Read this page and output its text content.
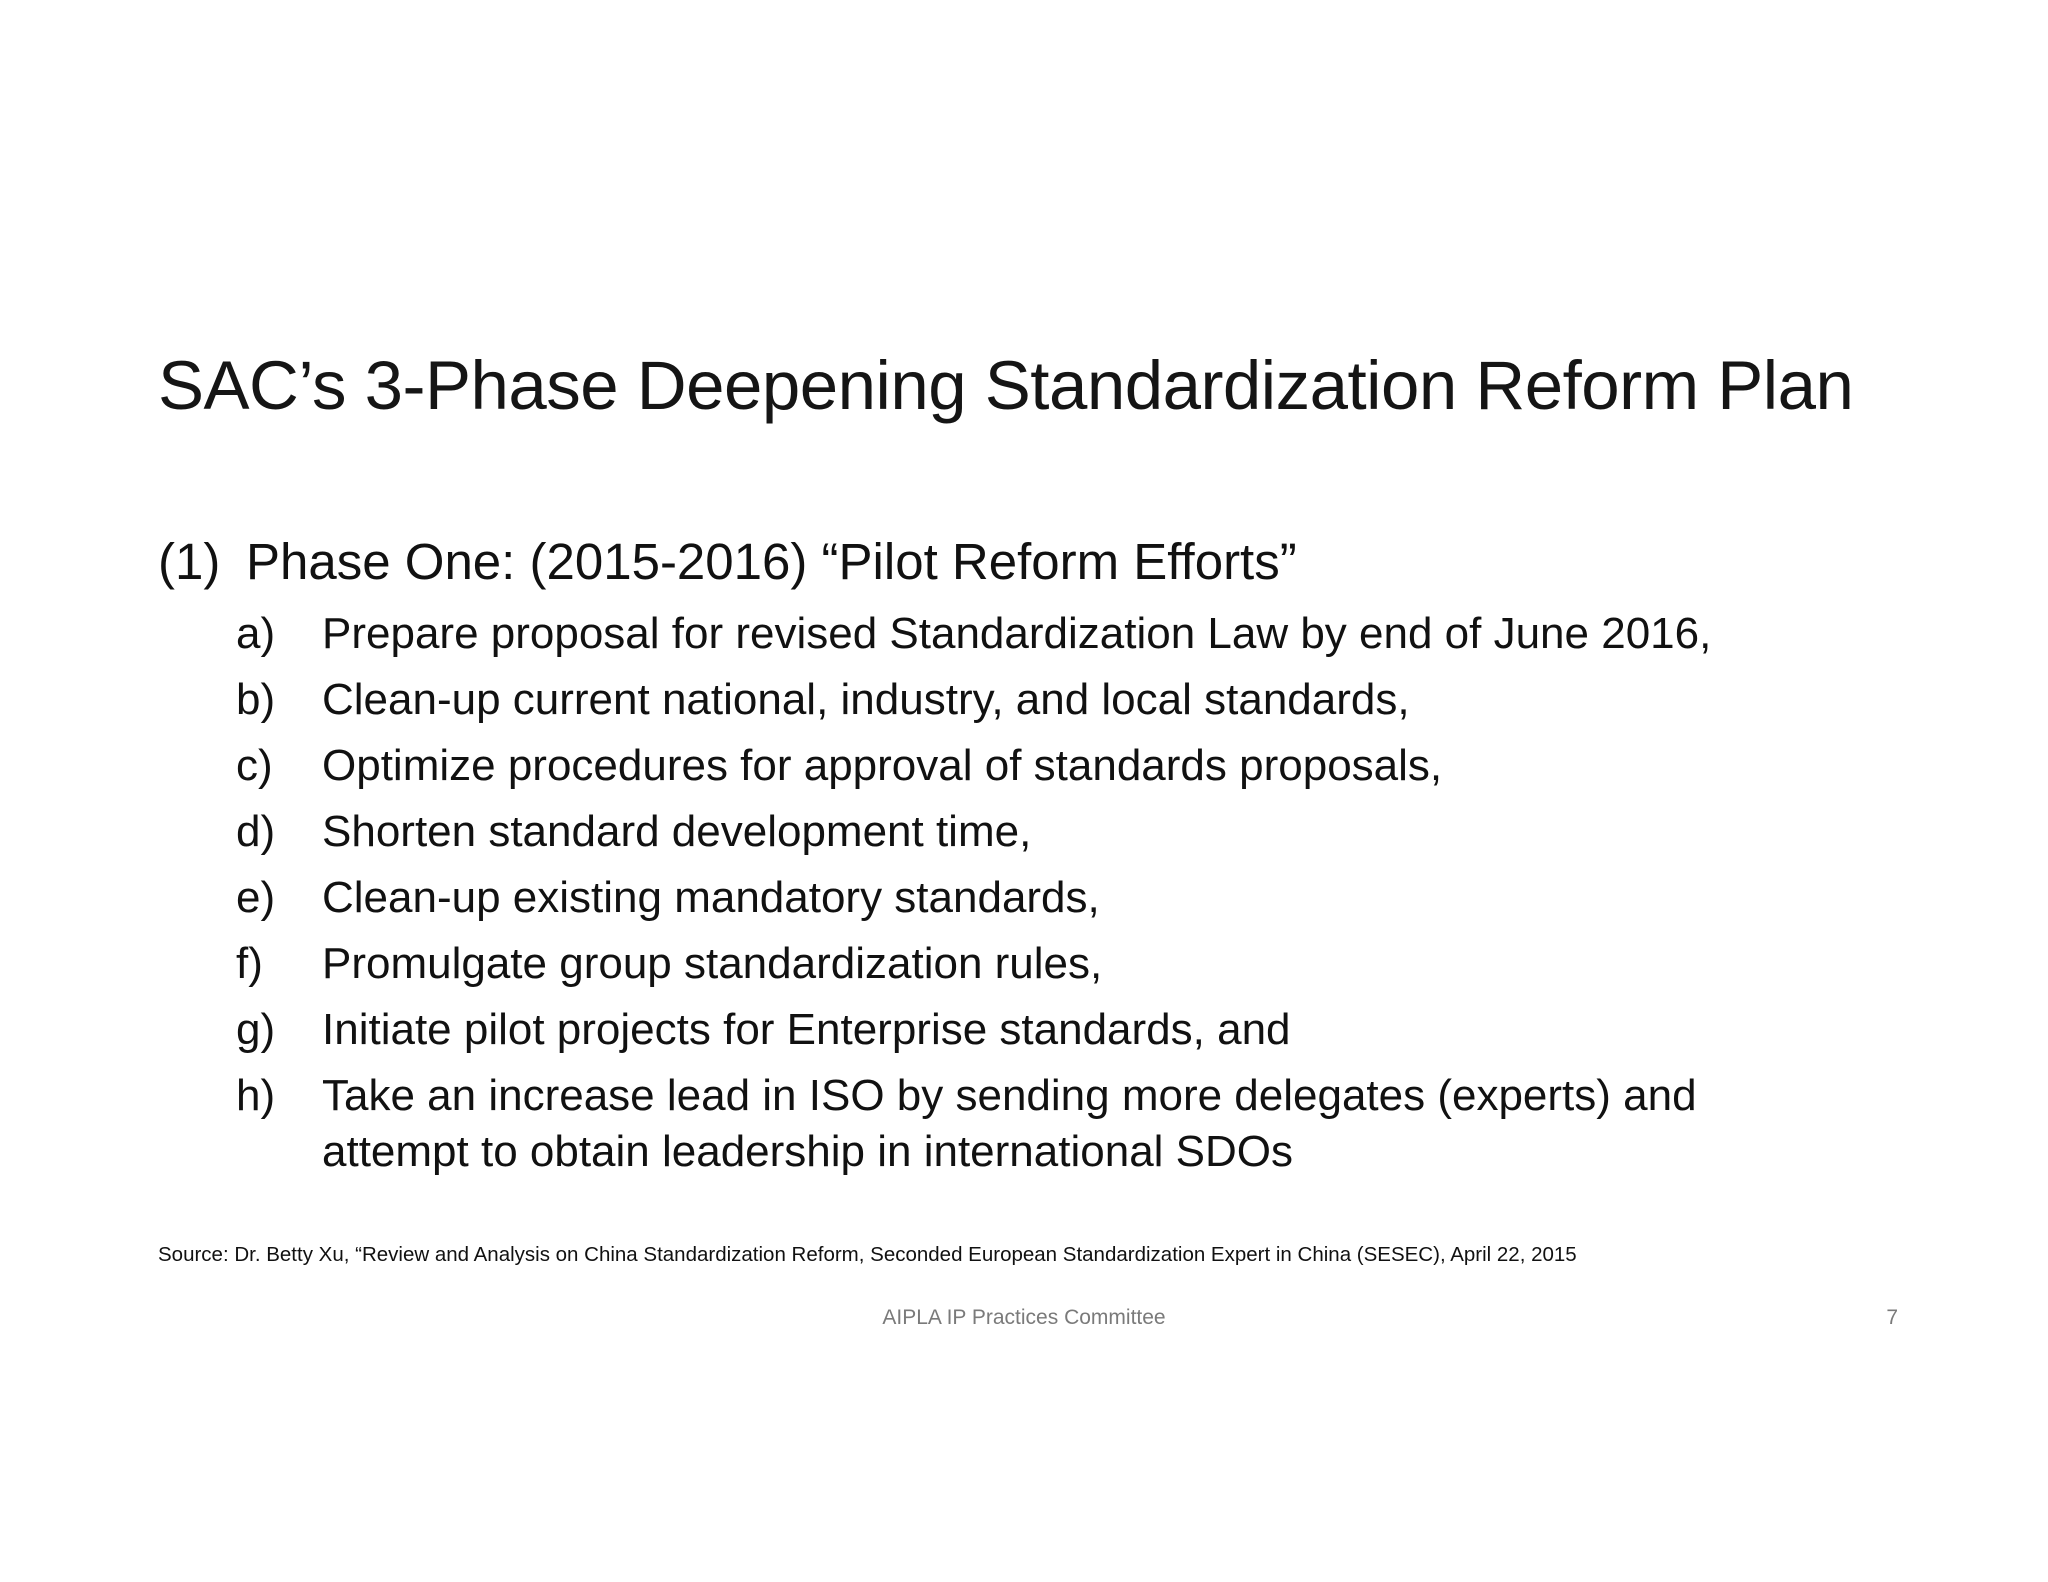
SAC’s 3-Phase Deepening Standardization Reform Plan
(1) Phase One: (2015-2016) “Pilot Reform Efforts”
a)	Prepare proposal for revised Standardization Law by end of June 2016,
b)	Clean-up current national, industry, and local standards,
c)	Optimize procedures for approval of standards proposals,
d)	Shorten standard development time,
e)	Clean-up existing mandatory standards,
f)	Promulgate group standardization rules,
g)	Initiate pilot projects for Enterprise standards, and
h)	Take an increase lead in ISO by sending more delegates (experts) and attempt to obtain leadership in international SDOs
Source: Dr. Betty Xu, “Review and Analysis on China Standardization Reform, Seconded European Standardization Expert in China (SESEC), April 22, 2015
AIPLA IP Practices Committee	7
